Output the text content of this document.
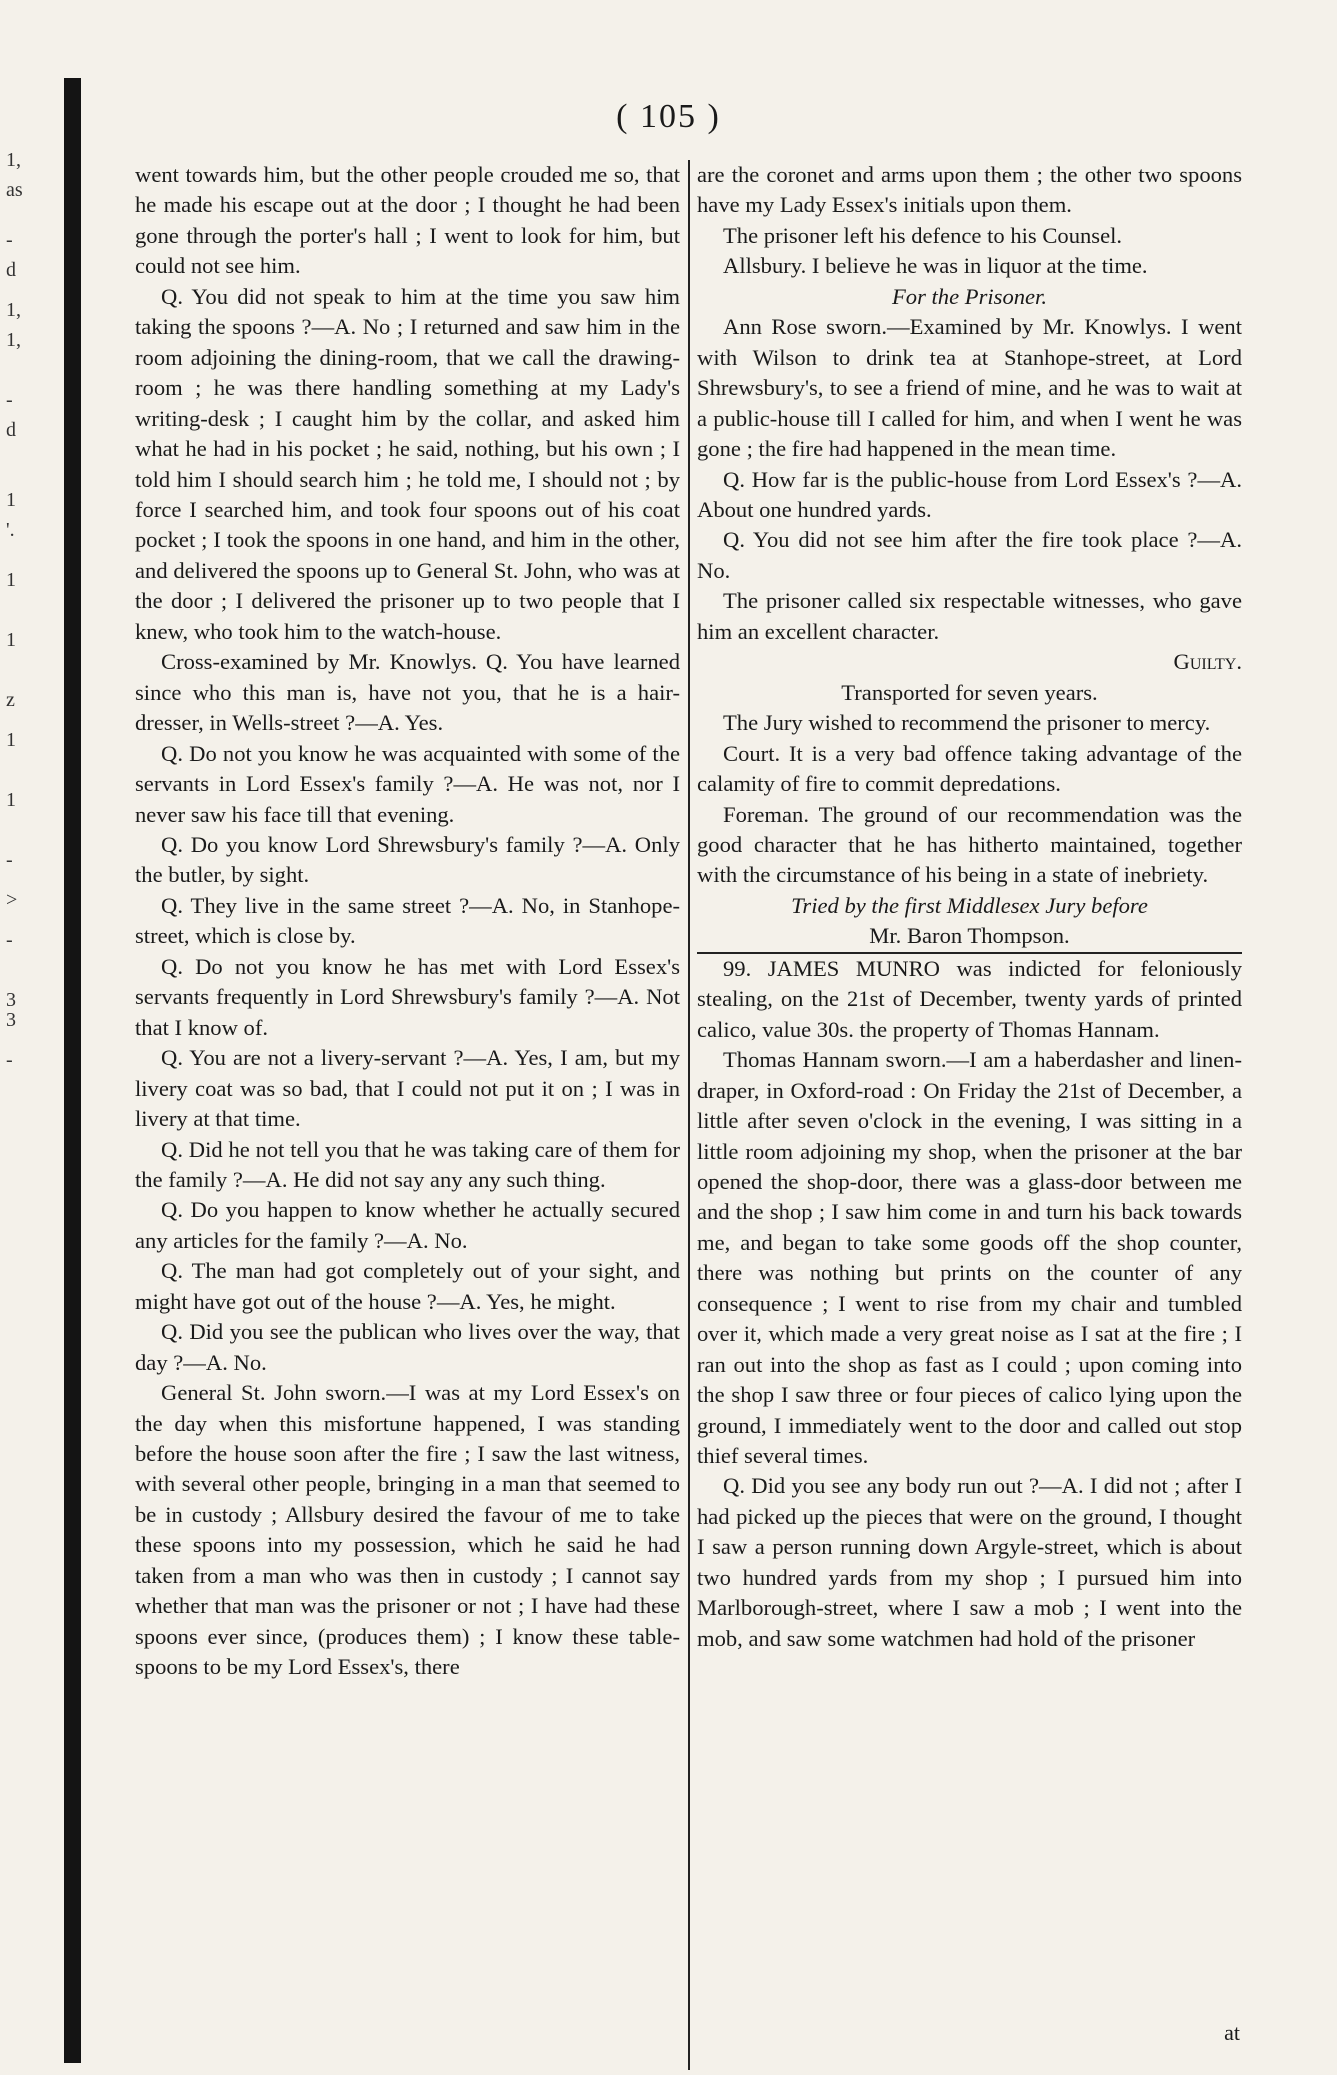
1,
as
-
d
1,
1,
-
d
1
'.
1
1
z
1
1
-
>
-
3
3
-
( 105 )

went towards him, but the other people crouded me so, that he made his escape out at the door ; I thought he had been gone through the porter's hall ; I went to look for him, but could not see him.

Q. You did not speak to him at the time you saw him taking the spoons ?—A. No ; I returned and saw him in the room adjoining the dining-room, that we call the drawing-room ; he was there handling something at my Lady's writing-desk ; I caught him by the collar, and asked him what he had in his pocket ; he said, nothing, but his own ; I told him I should search him ; he told me, I should not ; by force I searched him, and took four spoons out of his coat pocket ; I took the spoons in one hand, and him in the other, and delivered the spoons up to General St. John, who was at the door ; I delivered the prisoner up to two people that I knew, who took him to the watch-house.

Cross-examined by Mr. Knowlys. Q. You have learned since who this man is, have not you, that he is a hair-dresser, in Wells-street ?—A. Yes.

Q. Do not you know he was acquainted with some of the servants in Lord Essex's family ?—A. He was not, nor I never saw his face till that evening.

Q. Do you know Lord Shrewsbury's family ?—A. Only the butler, by sight.

Q. They live in the same street ?—A. No, in Stanhope-street, which is close by.

Q. Do not you know he has met with Lord Essex's servants frequently in Lord Shrewsbury's family ?—A. Not that I know of.

Q. You are not a livery-servant ?—A. Yes, I am, but my livery coat was so bad, that I could not put it on ; I was in livery at that time.

Q. Did he not tell you that he was taking care of them for the family ?—A. He did not say any any such thing.

Q. Do you happen to know whether he actually secured any articles for the family ?—A. No.

Q. The man had got completely out of your sight, and might have got out of the house ?—A. Yes, he might.

Q. Did you see the publican who lives over the way, that day ?—A. No.

General St. John sworn.—I was at my Lord Essex's on the day when this misfortune happened, I was standing before the house soon after the fire ; I saw the last witness, with several other people, bringing in a man that seemed to be in custody ; Allsbury desired the favour of me to take these spoons into my possession, which he said he had taken from a man who was then in custody ; I cannot say whether that man was the prisoner or not ; I have had these spoons ever since, (produces them) ; I know these table-spoons to be my Lord Essex's, there

are the coronet and arms upon them ; the other two spoons have my Lady Essex's initials upon them.

The prisoner left his defence to his Counsel.

Allsbury. I believe he was in liquor at the time.

For the Prisoner.

Ann Rose sworn.—Examined by Mr. Knowlys. I went with Wilson to drink tea at Stanhope-street, at Lord Shrewsbury's, to see a friend of mine, and he was to wait at a public-house till I called for him, and when I went he was gone ; the fire had happened in the mean time.

Q. How far is the public-house from Lord Essex's ?—A. About one hundred yards.

Q. You did not see him after the fire took place ?—A. No.

The prisoner called six respectable witnesses, who gave him an excellent character.

Guilty.

Transported for seven years.

The Jury wished to recommend the prisoner to mercy.

Court. It is a very bad offence taking advantage of the calamity of fire to commit depredations.

Foreman. The ground of our recommendation was the good character that he has hitherto maintained, together with the circumstance of his being in a state of inebriety.

Tried by the first Middlesex Jury before

Mr. Baron Thompson.

99. JAMES MUNRO was indicted for feloniously stealing, on the 21st of December, twenty yards of printed calico, value 30s. the property of Thomas Hannam.

Thomas Hannam sworn.—I am a haberdasher and linen-draper, in Oxford-road : On Friday the 21st of December, a little after seven o'clock in the evening, I was sitting in a little room adjoining my shop, when the prisoner at the bar opened the shop-door, there was a glass-door between me and the shop ; I saw him come in and turn his back towards me, and began to take some goods off the shop counter, there was nothing but prints on the counter of any consequence ; I went to rise from my chair and tumbled over it, which made a very great noise as I sat at the fire ; I ran out into the shop as fast as I could ; upon coming into the shop I saw three or four pieces of calico lying upon the ground, I immediately went to the door and called out stop thief several times.

Q. Did you see any body run out ?—A. I did not ; after I had picked up the pieces that were on the ground, I thought I saw a person running down Argyle-street, which is about two hundred yards from my shop ; I pursued him into Marlborough-street, where I saw a mob ; I went into the mob, and saw some watchmen had hold of the prisoner

at
